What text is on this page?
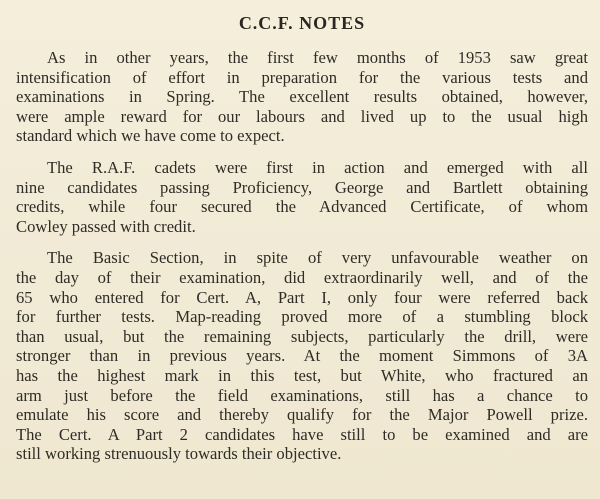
C.C.F. NOTES

As in other years, the first few months of 1953 saw great
intensification of effort in preparation for the various tests and
examinations in Spring. The excellent results obtained, however,
were ample reward for our labours and lived up to the usual high
standard which we have come to expect.

The R.A.F. cadets were first in action and emerged with all
nine candidates passing Proficiency, George and Bartlett obtaining
credits, while four secured the Advanced Certificate, of whom
Cowley passed with credit.

The Basic Section, in spite of very unfavourable weather on
the day of their examination, did extraordinarily well, and of the
65 who entered for Cert. A, Part I, only four were referred back
for further tests. Map-reading proved more of a stumbling block
than usual, but the remaining subjects, particularly the drill, were
stronger than in previous years. At the moment Simmons of 3A
has the highest mark in this test, but White, who fractured an
arm just before the field examinations, still has a chance to
emulate his score and thereby qualify for the Major Powell prize.
The Cert. A Part 2 candidates have still to be examined and are
still working strenuously towards their objective.
